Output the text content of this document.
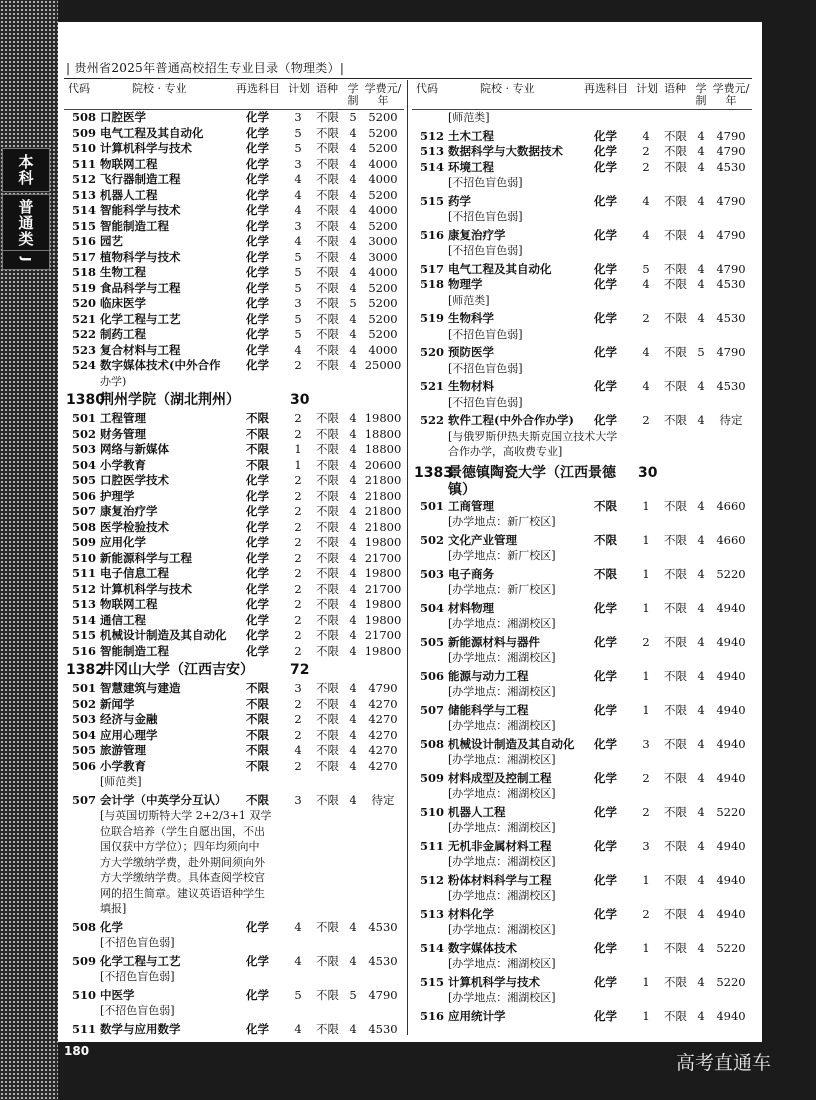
本科
普通类
J
| 贵州省2025年普通高校招生专业目录（物理类）|
代码	院校 · 专业	再选科目 计划 语种 学制
学费元/年
508 口腔医学	化学	3	不限 5	5200
509 电气工程及其自动化	化学	5	不限 4	5200
510 计算机科学与技术	化学	5	不限 4	5200
511 物联网工程	化学	3	不限 4	4000
512 飞行器制造工程	化学	4	不限 4	4000
513 机器人工程	化学	4	不限 4	5200
514 智能科学与技术	化学	4	不限 4	4000
515 智能制造工程	化学	3	不限 4	5200
516 园艺	化学	4	不限 4	3000
517 植物科学与技术	化学	5	不限 4	3000
518 生物工程	化学	5	不限 4	4000
519 食品科学与工程	化学	5	不限 4	5200
520 临床医学	化学	3	不限 5	5200
521 化学工程与工艺	化学	5	不限 4	5200
522 制药工程	化学	5	不限 4	5200
523 复合材料与工程	化学	4	不限 4	4000
524 数字媒体技术(中外合作 化学	2	不限 4 25000
办学)
1380
荆州学院（湖北荆州）	30
501 工程管理	不限	2	不限 4 19800
502 财务管理	不限	2	不限 4 18800
503 网络与新媒体	不限	1	不限 4 18800
504 小学教育	不限	1	不限 4 20600
505 口腔医学技术	化学	2	不限 4 21800
506 护理学	化学	2	不限 4 21800
507 康复治疗学	化学	2	不限 4 21800
508 医学检验技术	化学	2	不限 4 21800
509 应用化学	化学	2	不限 4 19800
510 新能源科学与工程	化学	2	不限 4 21700
511 电子信息工程	化学	2	不限 4 19800
512 计算机科学与技术	化学	2	不限 4 21700
513 物联网工程	化学	2	不限 4 19800
514 通信工程	化学	2	不限 4 19800
515 机械设计制造及其自动化 化学	2	不限 4 21700
516 智能制造工程	化学	2	不限 4 19800
1382
井冈山大学（江西吉安）	72
501 智慧建筑与建造	不限	3	不限 4	4790
502 新闻学	不限	2	不限 4	4270
503 经济与金融	不限	2	不限 4	4270
504 应用心理学	不限	2	不限 4	4270
505 旅游管理	不限	4	不限 4	4270
506 小学教育	不限	2	不限 4	4270
[师范类]
507 会计学（中英学分互认） 不限	3	不限 4	待定
[与英国切斯特大学 2+2/3+1 双学
位联合培养（学生自愿出国，不出
国仅获中方学位）；四年均须向中
方大学缴纳学费，赴外期间须向外
方大学缴纳学费。具体查阅学校官
网的招生简章。建议英语语种学生
填报]
508 化学	化学	4	不限 4	4530
[不招色盲色弱]
509 化学工程与工艺	化学	4	不限 4	4530
[不招色盲色弱]
510 中医学	化学	5	不限 5	4790
[不招色盲色弱]
511 数学与应用数学	化学	4	不限 4	4530
代码	院校 · 专业	再选科目 计划 语种 学制
学费元/年
[师范类]
512 土木工程	化学	4	不限 4	4790
513 数据科学与大数据技术	化学	2	不限 4	4790
514 环境工程	化学	2	不限 4	4530
[不招色盲色弱]
515 药学	化学	4	不限 4	4790
[不招色盲色弱]
516 康复治疗学	化学	4	不限 4	4790
[不招色盲色弱]
517 电气工程及其自动化	化学	5	不限 4	4790
518 物理学	化学	4	不限 4	4530
[师范类]
519 生物科学	化学	2	不限 4	4530
[不招色盲色弱]
520 预防医学	化学	4	不限 5	4790
[不招色盲色弱]
521 生物材料	化学	4	不限 4	4530
[不招色盲色弱]
522 软件工程(中外合作办学) 化学	2	不限 4	待定
[与俄罗斯伊热夫斯克国立技术大学
合作办学，高收费专业]
1383
景德镇陶瓷大学（江西景德镇）
30
501 工商管理	不限	1	不限 4	4660
[办学地点：新厂校区]
502 文化产业管理	不限	1	不限 4	4660
[办学地点：新厂校区]
503 电子商务	不限	1	不限 4	5220
[办学地点：新厂校区]
504 材料物理	化学	1	不限 4	4940
[办学地点：湘湖校区]
505 新能源材料与器件	化学	2	不限 4	4940
[办学地点：湘湖校区]
506 能源与动力工程	化学	1	不限 4	4940
[办学地点：湘湖校区]
507 储能科学与工程	化学	1	不限 4	4940
[办学地点：湘湖校区]
508 机械设计制造及其自动化 化学	3	不限 4	4940
[办学地点：湘湖校区]
509 材料成型及控制工程	化学	2	不限 4	4940
[办学地点：湘湖校区]
510 机器人工程	化学	2	不限 4	5220
[办学地点：湘湖校区]
511 无机非金属材料工程	化学	3	不限 4	4940
[办学地点：湘湖校区]
512 粉体材料科学与工程	化学	1	不限 4	4940
[办学地点：湘湖校区]
513 材料化学	化学	2	不限 4	4940
[办学地点：湘湖校区]
514 数字媒体技术	化学	1	不限 4	5220
[办学地点：湘湖校区]
515 计算机科学与技术	化学	1	不限 4	5220
[办学地点：湘湖校区]
516 应用统计学	化学	1	不限 4	4940
180
高考直通车
